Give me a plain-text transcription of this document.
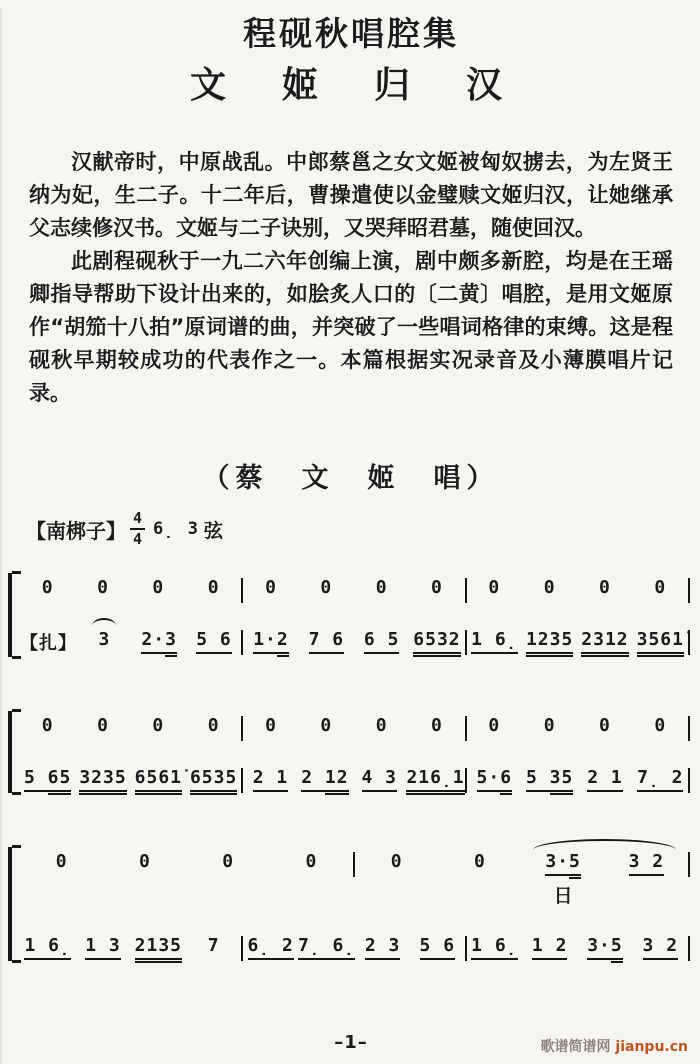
程砚秋唱腔集
文　姬　归　汉

汉献帝时，中原战乱。中郎蔡邕之女文姬被匈奴掳去，为左贤王纳为妃，生二子。十二年后，曹操遣使以金璧赎文姬归汉，让她继承父志续修汉书。文姬与二子诀别，又哭拜昭君墓，随使回汉。

此剧程砚秋于一九二六年创编上演，剧中颇多新腔，均是在王瑶卿指导帮助下设计出来的，如脍炙人口的〔二黄〕唱腔，是用文姬原作“胡笳十八拍”原词谱的曲，并突破了一些唱词格律的束缚。这是程砚秋早期较成功的代表作之一。本篇根据实况录音及小薄膜唱片记录。

（蔡　文　姬　唱）
【南梆子】 $\frac{4}{4}$ 6̣ 3 弦
0 0 0 0	0 0 0 0	0 0 0 0
【扎】 3 2·3 5 6 1·2 7 6 6 5 6532 1 6̣ 1235 2312 3561̇
0 0 0 0	0 0 0 0	0 0 0 0
5 65 3235 6561̇ 6535 2 1 2 12 4 3 216̣1 5·6 5 35 2 1 7̣ 2
0	0	0	0	0	0	3·5
日
3 2
1 6̣ 1 3 2135 7 6̣ 2 7̣ 6̣ 2 3 5 6 1 6̣ 1 2 3·5 3 2
–1–	歌谱简谱网 jianpu.cn
